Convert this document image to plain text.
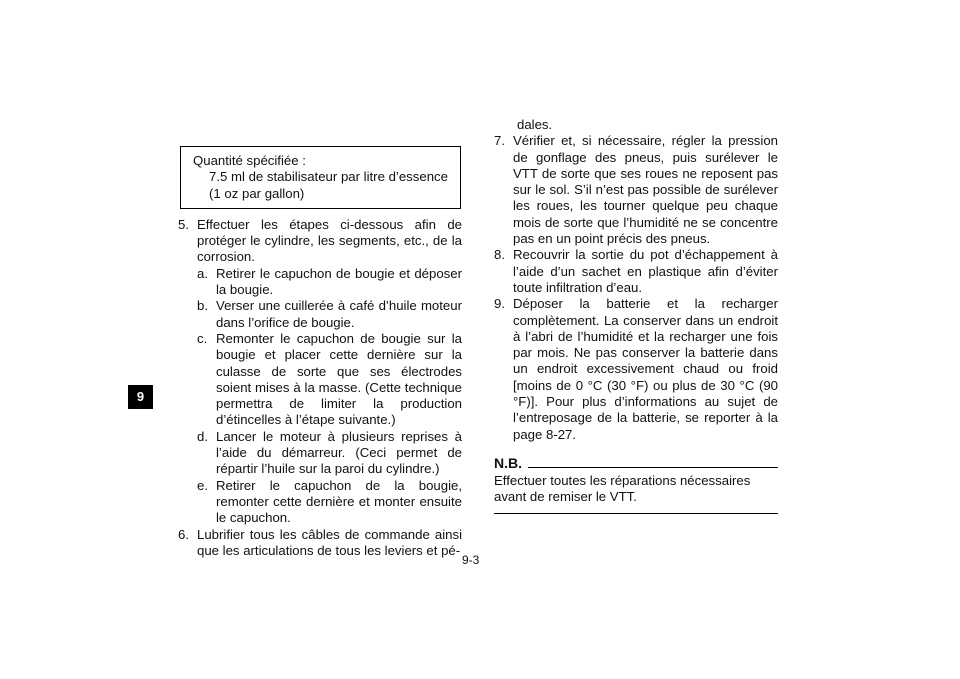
9
Quantité spécifiée :
7.5 ml de stabilisateur par litre d’essence
(1 oz par gallon)
5. Effectuer les étapes ci-dessous afin de protéger le cylindre, les segments, etc., de la corrosion.
a. Retirer le capuchon de bougie et déposer la bougie.
b. Verser une cuillerée à café d’huile moteur dans l’orifice de bougie.
c. Remonter le capuchon de bougie sur la bougie et placer cette dernière sur la culasse de sorte que ses électrodes soient mises à la masse. (Cette technique permettra de limiter la production d’étincelles à l’étape suivante.)
d. Lancer le moteur à plusieurs reprises à l’aide du démarreur. (Ceci permet de répartir l’huile sur la paroi du cylindre.)
e. Retirer le capuchon de la bougie, remonter cette dernière et monter ensuite le capuchon.
6. Lubrifier tous les câbles de commande ainsi que les articulations de tous les leviers et pé-
dales.
7. Vérifier et, si nécessaire, régler la pression de gonflage des pneus, puis surélever le VTT de sorte que ses roues ne reposent pas sur le sol. S’il n’est pas possible de surélever les roues, les tourner quelque peu chaque mois de sorte que l’humidité ne se concentre pas en un point précis des pneus.
8. Recouvrir la sortie du pot d’échappement à l’aide d’un sachet en plastique afin d’éviter toute infiltration d’eau.
9. Déposer la batterie et la recharger complètement. La conserver dans un endroit à l’abri de l’humidité et la recharger une fois par mois. Ne pas conserver la batterie dans un endroit excessivement chaud ou froid [moins de 0 °C (30 °F) ou plus de 30 °C (90 °F)]. Pour plus d’informations au sujet de l’entreposage de la batterie, se reporter à la page 8-27.
N.B.
Effectuer toutes les réparations nécessaires avant de remiser le VTT.
9-3
